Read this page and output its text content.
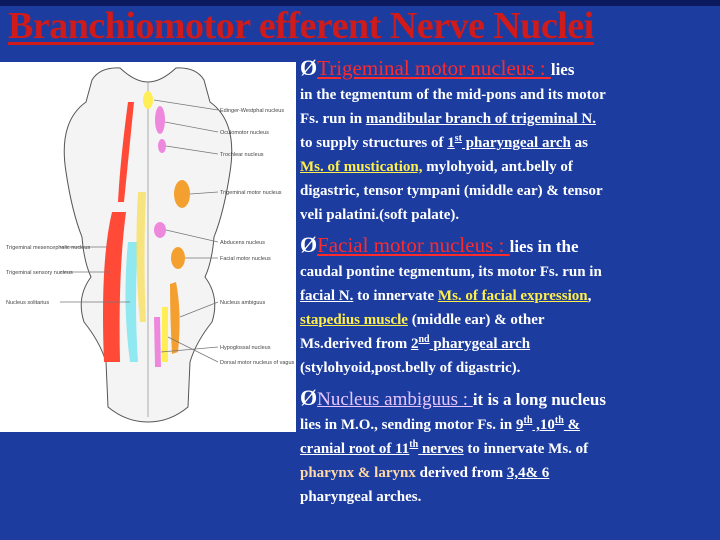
Branchiomotor efferent Nerve Nuclei
Edinger-Westphal nucleus
Oculomotor nucleus
Trochlear nucleus
Trigeminal motor nucleus
Abducens nucleus
Facial motor nucleus
Nucleus ambiguus
Hypoglossal nucleus
Dorsal motor nucleus of vagus
Trigeminal mesencephalic nucleus
Trigeminal sensory nucleus
Nucleus solitarius
ØTrigeminal motor nucleus : lies
in the tegmentum of the mid-pons and its motor
Fs. run in mandibular branch of trigeminal N.
to supply structures of 1st pharyngeal arch as
Ms. of mustication, mylohyoid, ant.belly of
digastric, tensor tympani (middle ear) & tensor
veli palatini.(soft palate).
ØFacial motor nucleus : lies in the
caudal pontine tegmentum, its motor Fs. run in
facial N. to innervate Ms. of facial expression,
stapedius muscle (middle ear) & other
Ms.derived from 2nd pharygeal arch
(stylohyoid,post.belly of digastric).
ØNucleus ambiguus : it is a long nucleus
lies in M.O., sending motor Fs. in 9th ,10th &
cranial root of 11th nerves to innervate Ms. of
pharynx & larynx derived from 3,4& 6
pharyngeal arches.
